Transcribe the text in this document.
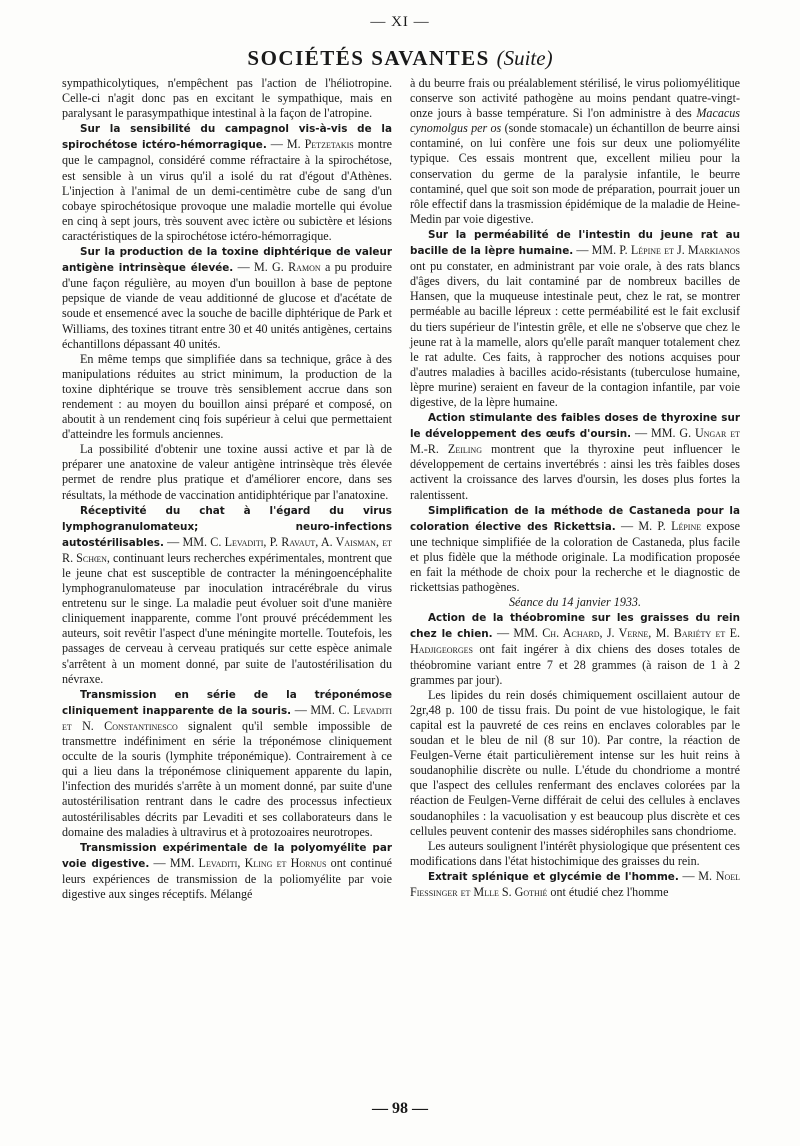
— XI —
SOCIÉTÉS SAVANTES (Suite)

sympathicolytiques, n'empêchent pas l'action de l'héliotropine. Celle-ci n'agit donc pas en excitant le sympathique, mais en paralysant le parasympathique intestinal à la façon de l'atropine.

Sur la sensibilité du campagnol vis-à-vis de la spirochétose ictéro-hémorragique. — M. Petzetakis montre que le campagnol, considéré comme réfractaire à la spirochétose, est sensible à un virus qu'il a isolé du rat d'égout d'Athènes. L'injection à l'animal de un demi-centimètre cube de sang d'un cobaye spirochétosique provoque une maladie mortelle qui évolue en cinq à sept jours, très souvent avec ictère ou subictère et lésions caractéristiques de la spirochétose ictéro-hémorragique.

Sur la production de la toxine diphtérique de valeur antigène intrinsèque élevée. — M. G. Ramon a pu produire d'une façon régulière, au moyen d'un bouillon à base de peptone pepsique de viande de veau additionné de glucose et d'acétate de soude et ensemencé avec la souche de bacille diphtérique de Park et Williams, des toxines titrant entre 30 et 40 unités antigènes, certains échantillons dépassant 40 unités.

En même temps que simplifiée dans sa technique, grâce à des manipulations réduites au strict minimum, la production de la toxine diphtérique se trouve très sensiblement accrue dans son rendement : au moyen du bouillon ainsi préparé et composé, on aboutit à un rendement cinq fois supérieur à celui que permettaient d'atteindre les formuls anciennes.

La possibilité d'obtenir une toxine aussi active et par là de préparer une anatoxine de valeur antigène intrinsèque très élevée permet de rendre plus pratique et d'améliorer encore, dans ses résultats, la méthode de vaccination antidiphtérique par l'anatoxine.

Réceptivité du chat à l'égard du virus lymphogranulomateux; neuro-infections autostérilisables. — MM. C. Levaditi, P. Ravaut, A. Vaisman, et R. Schœn, continuant leurs recherches expérimentales, montrent que le jeune chat est susceptible de contracter la méningoencéphalite lymphogranulomateuse par inoculation intracérébrale du virus entretenu sur le singe. La maladie peut évoluer soit d'une manière cliniquement inapparente, comme l'ont prouvé précédemment les auteurs, soit revêtir l'aspect d'une méningite mortelle. Toutefois, les passages de cerveau à cerveau pratiqués sur cette espèce animale s'arrêtent à un moment donné, par suite de l'autostérilisation du névraxe.

Transmission en série de la tréponémose cliniquement inapparente de la souris. — MM. C. Levaditi et N. Constantinesco signalent qu'il semble impossible de transmettre indéfiniment en série la tréponémose cliniquement occulte de la souris (lymphite tréponémique). Contrairement à ce qui a lieu dans la tréponémose cliniquement apparente du lapin, l'infection des muridés s'arrête à un moment donné, par suite d'une autostérilisation rentrant dans le cadre des processus infectieux autostérilisables décrits par Levaditi et ses collaborateurs dans le domaine des maladies à ultravirus et à protozoaires neurotropes.

Transmission expérimentale de la polyomyélite par voie digestive. — MM. Levaditi, Kling et Hornus ont continué leurs expériences de transmission de la poliomyélite par voie digestive aux singes réceptifs. Mélangé

à du beurre frais ou préalablement stérilisé, le virus poliomyélitique conserve son activité pathogène au moins pendant quatre-vingt-onze jours à basse température. Si l'on administre à des Macacus cynomolgus per os (sonde stomacale) un échantillon de beurre ainsi contaminé, on lui confère une fois sur deux une poliomyélite typique. Ces essais montrent que, excellent milieu pour la conservation du germe de la paralysie infantile, le beurre contaminé, quel que soit son mode de préparation, pourrait jouer un rôle effectif dans la trasmission épidémique de la maladie de Heine-Medin par voie digestive.

Sur la perméabilité de l'intestin du jeune rat au bacille de la lèpre humaine. — MM. P. Lépine et J. Markianos ont pu constater, en administrant par voie orale, à des rats blancs d'âges divers, du lait contaminé par de nombreux bacilles de Hansen, que la muqueuse intestinale peut, chez le rat, se montrer perméable au bacille lépreux : cette perméabilité est le fait exclusif du tiers supérieur de l'intestin grêle, et elle ne s'observe que chez le jeune rat à la mamelle, alors qu'elle paraît manquer totalement chez le rat adulte. Ces faits, à rapprocher des notions acquises pour d'autres maladies à bacilles acido-résistants (tuberculose humaine, lèpre murine) seraient en faveur de la contagion infantile, par voie digestive, de la lèpre humaine.

Action stimulante des faibles doses de thyroxine sur le développement des œufs d'oursin. — MM. G. Ungar et M.-R. Zeiling montrent que la thyroxine peut influencer le développement de certains invertébrés : ainsi les très faibles doses activent la croissance des larves d'oursin, les doses plus fortes la ralentissent.

Simplification de la méthode de Castaneda pour la coloration élective des Rickettsia. — M. P. Lépine expose une technique simplifiée de la coloration de Castaneda, plus facile et plus fidèle que la méthode originale. La modification proposée en fait la méthode de choix pour la recherche et le diagnostic de rickettsias pathogènes.

Séance du 14 janvier 1933.

Action de la théobromine sur les graisses du rein chez le chien. — MM. Ch. Achard, J. Verne, M. Bariéty et E. Hadjigeorges ont fait ingérer à dix chiens des doses totales de théobromine variant entre 7 et 28 grammes (à raison de 1 à 2 grammes par jour).

Les lipides du rein dosés chimiquement oscillaient autour de 2gr,48 p. 100 de tissu frais. Du point de vue histologique, le fait capital est la pauvreté de ces reins en enclaves colorables par le soudan et le bleu de nil (8 sur 10). Par contre, la réaction de Feulgen-Verne était particulièrement intense sur les huit reins à soudanophilie discrète ou nulle. L'étude du chondriome a montré que l'aspect des cellules renfermant des enclaves colorées par la réaction de Feulgen-Verne différait de celui des cellules à enclaves soudanophiles : la vacuolisation y est beaucoup plus discrète et ces cellules peuvent contenir des masses sidérophiles sans chondriome.

Les auteurs soulignent l'intérêt physiologique que présentent ces modifications dans l'état histochimique des graisses du rein.

Extrait splénique et glycémie de l'homme. — M. Noel Fiessinger et Mlle S. Gothié ont étudié chez l'homme

— 98 —
